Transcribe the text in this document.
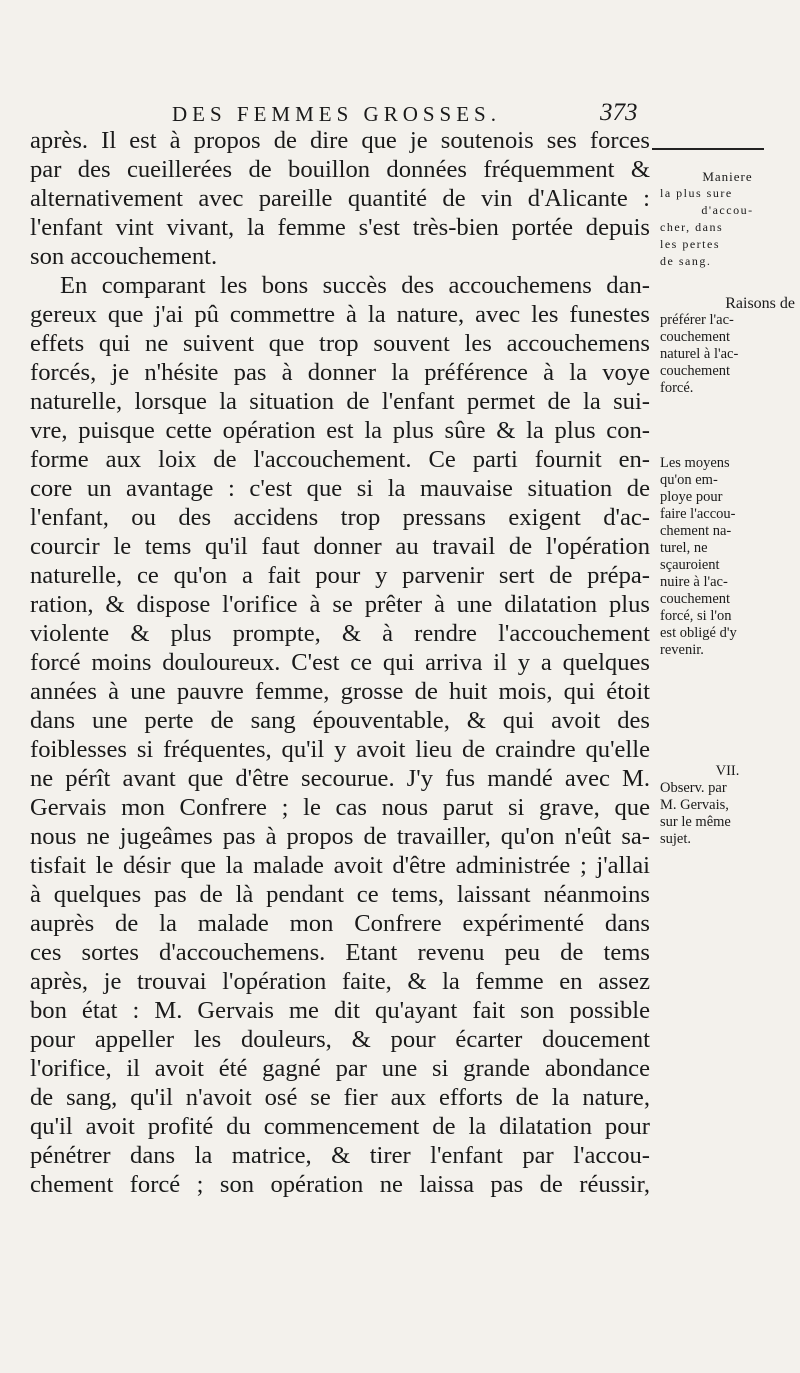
DES FEMMES GROSSES.	373
après. Il est à propos de dire que je soutenois ses forces
par des cueillerées de bouillon données fréquemment &
alternativement avec pareille quantité de vin d'Alicante :
l'enfant vint vivant, la femme s'est très-bien portée depuis
son accouchement.
En comparant les bons succès des accouchemens dan-
gereux que j'ai pû commettre à la nature, avec les funestes
effets qui ne suivent que trop souvent les accouchemens
forcés, je n'hésite pas à donner la préférence à la voye
naturelle, lorsque la situation de l'enfant permet de la sui-
vre, puisque cette opération est la plus sûre & la plus con-
forme aux loix de l'accouchement. Ce parti fournit en-
core un avantage : c'est que si la mauvaise situation de
l'enfant, ou des accidens trop pressans exigent d'ac-
courcir le tems qu'il faut donner au travail de l'opération
naturelle, ce qu'on a fait pour y parvenir sert de prépa-
ration, & dispose l'orifice à se prêter à une dilatation plus
violente & plus prompte, & à rendre l'accouchement
forcé moins douloureux. C'est ce qui arriva il y a quelques
années à une pauvre femme, grosse de huit mois, qui étoit
dans une perte de sang épouventable, & qui avoit des
foiblesses si fréquentes, qu'il y avoit lieu de craindre qu'elle
ne pérît avant que d'être secourue. J'y fus mandé avec M.
Gervais mon Confrere ; le cas nous parut si grave, que
nous ne jugeâmes pas à propos de travailler, qu'on n'eût sa-
tisfait le désir que la malade avoit d'être administrée ; j'allai
à quelques pas de là pendant ce tems, laissant néanmoins
auprès de la malade mon Confrere expérimenté dans
ces sortes d'accouchemens. Etant revenu peu de tems
après, je trouvai l'opération faite, & la femme en assez
bon état : M. Gervais me dit qu'ayant fait son possible
pour appeller les douleurs, & pour écarter doucement
l'orifice, il avoit été gagné par une si grande abondance
de sang, qu'il n'avoit osé se fier aux efforts de la nature,
qu'il avoit profité du commencement de la dilatation pour
pénétrer dans la matrice, & tirer l'enfant par l'accou-
chement forcé ; son opération ne laissa pas de réussir,
Maniere
la plus sure
d'accou-
cher, dans
les pertes
de sang.
Raisons de
préférer l'ac-
couchement
naturel à l'ac-
couchement
forcé.
Les moyens
qu'on em-
ploye pour
faire l'accou-
chement na-
turel, ne
sçauroient
nuire à l'ac-
couchement
forcé, si l'on
est obligé d'y
revenir.
VII.
Observ. par
M. Gervais,
sur le même
sujet.
